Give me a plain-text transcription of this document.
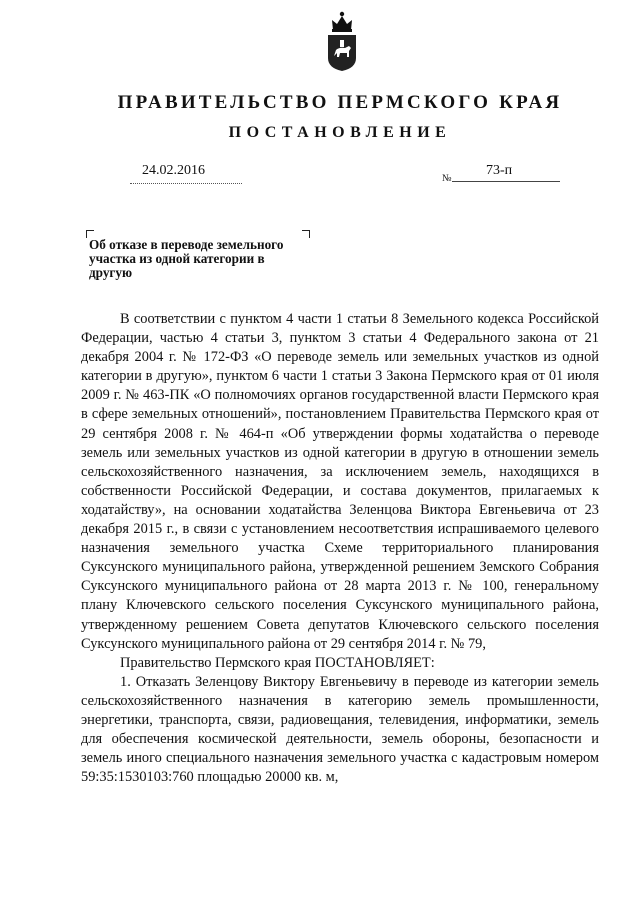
ПРАВИТЕЛЬСТВО ПЕРМСКОГО КРАЯ
ПОСТАНОВЛЕНИЕ
24.02.2016
№
73-п
Об отказе в переводе земельного участка из одной категории в другую

В соответствии с пунктом 4 части 1 статьи 8 Земельного кодекса Российской Федерации, частью 4 статьи 3, пунктом 3 статьи 4 Федерального закона от 21 декабря 2004 г. № 172-ФЗ «О переводе земель или земельных участков из одной категории в другую», пунктом 6 части 1 статьи 3 Закона Пермского края от 01 июля 2009 г. № 463-ПК «О полномочиях органов государственной власти Пермского края в сфере земельных отношений», постановлением Правительства Пермского края от 29 сентября 2008 г. № 464-п «Об утверждении формы ходатайства о переводе земель или земельных участков из одной категории в другую в отношении земель сельскохозяйственного назначения, за исключением земель, находящихся в собственности Российской Федерации, и состава документов, прилагаемых к ходатайству», на основании ходатайства Зеленцова Виктора Евгеньевича от 23 декабря 2015 г., в связи с установлением несоответствия испрашиваемого целевого назначения земельного участка Схеме территориального планирования Суксунского муниципального района, утвержденной решением Земского Собрания Суксунского муниципального района от 28 марта 2013 г. № 100, генеральному плану Ключевского сельского поселения Суксунского муниципального района, утвержденному решением Совета депутатов Ключевского сельского поселения Суксунского муниципального района от 29 сентября 2014 г. № 79,

Правительство Пермского края ПОСТАНОВЛЯЕТ:

1. Отказать Зеленцову Виктору Евгеньевичу в переводе из категории земель сельскохозяйственного назначения в категорию земель промышленности, энергетики, транспорта, связи, радиовещания, телевидения, информатики, земель для обеспечения космической деятельности, земель обороны, безопасности и земель иного специального назначения земельного участка с кадастровым номером 59:35:1530103:760 площадью 20000 кв. м,
